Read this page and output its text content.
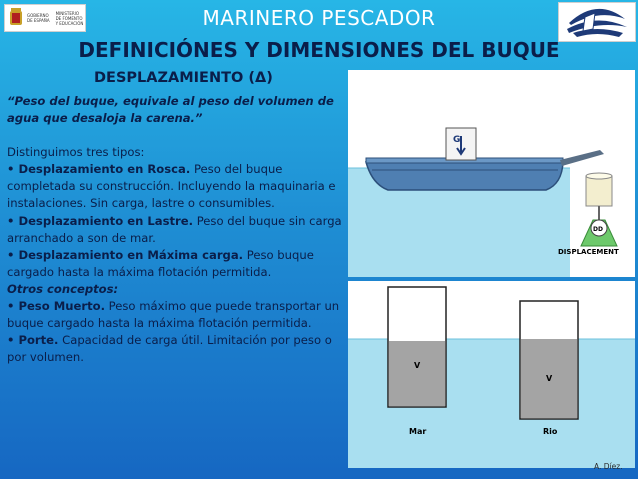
GOBIERNO
DE ESPAÑA
MINISTERIO
DE FOMENTO
Y EDUCACIÓN	MARINERO PESCADOR
DEFINICIÓNES Y DIMENSIONES DEL BUQUE
DESPLAZAMIENTO (Δ)

“Peso del buque, equivale al peso del volumen de agua que desaloja la carena.”

Distinguimos tres tipos:

• Desplazamiento en Rosca. Peso del buque completada su construcción. Incluyendo la maquinaria e instalaciones. Sin carga, lastre o consumibles.

• Desplazamiento en Lastre. Peso del buque sin carga arranchado a son de mar.

• Desplazamiento en Máxima carga. Peso buque cargado hasta la máxima flotación permitida.

Otros conceptos:

• Peso Muerto. Peso máximo que puede transportar un buque cargado hasta la máxima flotación permitida.

• Porte. Capacidad de carga útil. Limitación por peso o por volumen.

G
DD
DISPLACEMENT
V
V
Mar	Rio
A. Díez.
